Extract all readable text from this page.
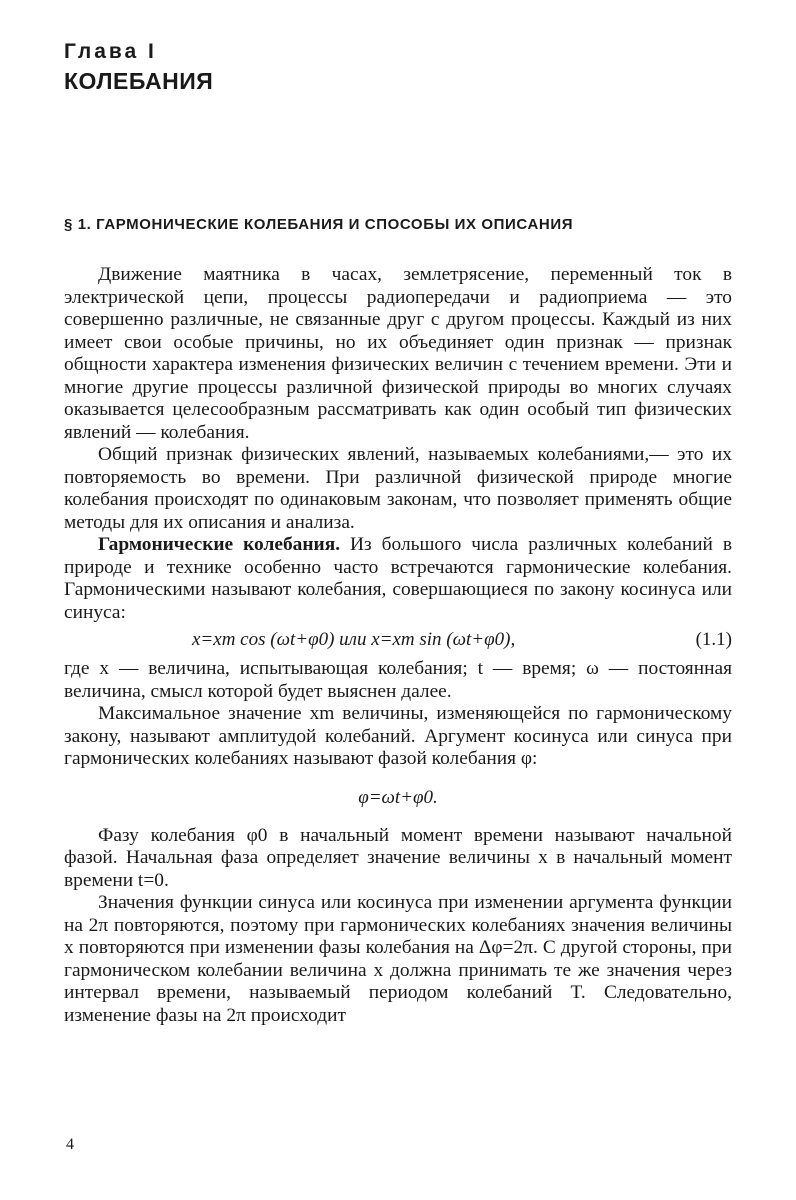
Глава I
КОЛЕБАНИЯ
§ 1. ГАРМОНИЧЕСКИЕ КОЛЕБАНИЯ И СПОСОБЫ ИХ ОПИСАНИЯ

Движение маятника в часах, землетрясение, переменный ток в электрической цепи, процессы радиопередачи и радиоприема — это совершенно различные, не связанные друг с другом процессы. Каждый из них имеет свои особые причины, но их объединяет один признак — признак общности характера изменения физических величин с течением времени. Эти и многие другие процессы различной физической природы во многих случаях оказывается целесообразным рассматривать как один особый тип физических явлений — колебания.

Общий признак физических явлений, называемых колебаниями,— это их повторяемость во времени. При различной физической природе многие колебания происходят по одинаковым законам, что позволяет применять общие методы для их описания и анализа.

Гармонические колебания. Из большого числа различных колебаний в природе и технике особенно часто встречаются гармонические колебания. Гармоническими называют колебания, совершающиеся по закону косинуса или синуса:

x=xm cos (ωt+φ0) или x=xm sin (ωt+φ0),	(1.1)

где x — величина, испытывающая колебания; t — время; ω — постоянная величина, смысл которой будет выяснен далее.

Максимальное значение xm величины, изменяющейся по гармоническому закону, называют амплитудой колебаний. Аргумент косинуса или синуса при гармонических колебаниях называют фазой колебания φ:

φ=ωt+φ0.

Фазу колебания φ0 в начальный момент времени называют начальной фазой. Начальная фаза определяет значение величины x в начальный момент времени t=0.

Значения функции синуса или косинуса при изменении аргумента функции на 2π повторяются, поэтому при гармонических колебаниях значения величины x повторяются при изменении фазы колебания на Δφ=2π. С другой стороны, при гармоническом колебании величина x должна принимать те же значения через интервал времени, называемый периодом колебаний T. Следовательно, изменение фазы на 2π происходит

4
